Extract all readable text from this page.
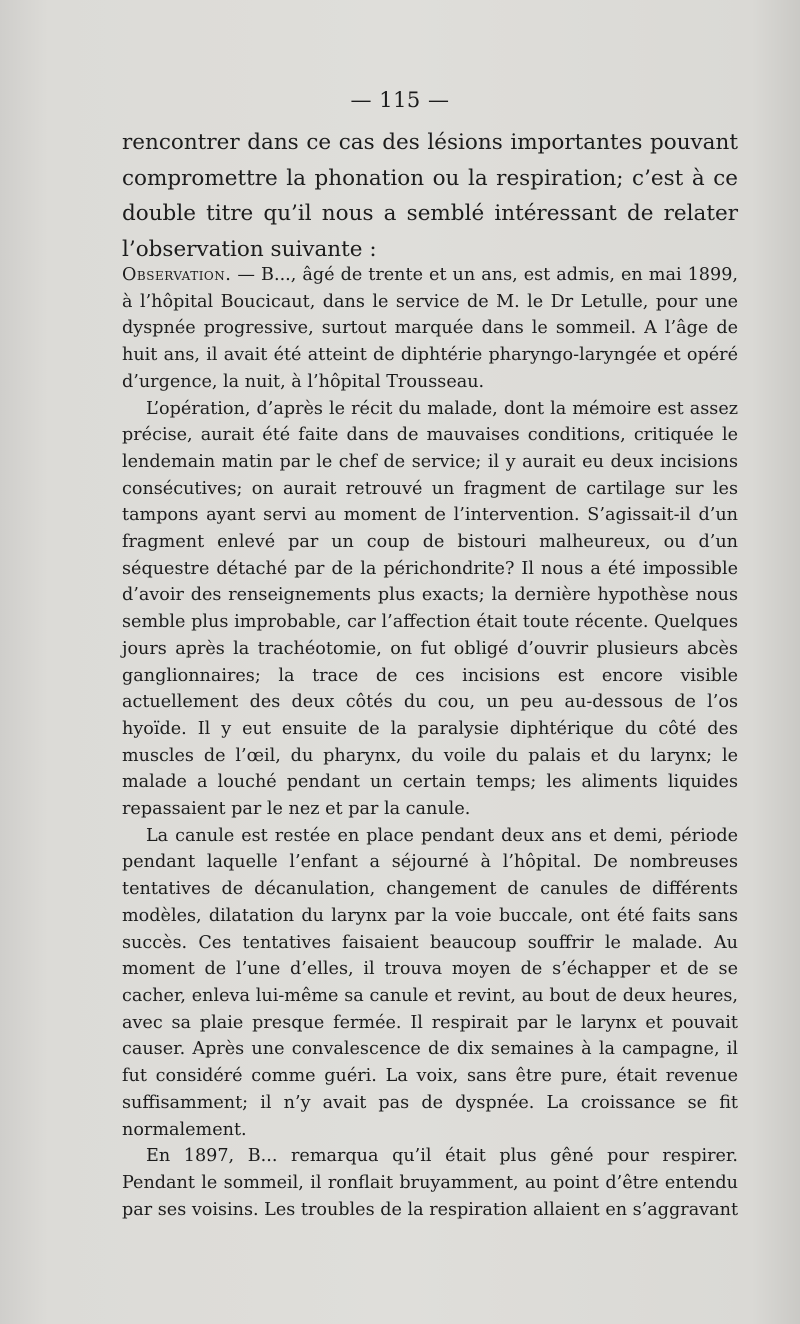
— 115 —
rencontrer dans ce cas des lésions importantes pouvant compromettre la phonation ou la respiration; c’est à ce double titre qu’il nous a semblé intéressant de relater l’observation suivante :

Observation. — B..., âgé de trente et un ans, est admis, en mai 1899, à l’hôpital Boucicaut, dans le service de M. le Dr Letulle, pour une dyspnée progressive, surtout marquée dans le sommeil. A l’âge de huit ans, il avait été atteint de diphtérie pharyngo-laryngée et opéré d’urgence, la nuit, à l’hôpital Trousseau.

L’opération, d’après le récit du malade, dont la mémoire est assez précise, aurait été faite dans de mauvaises conditions, critiquée le lendemain matin par le chef de service; il y aurait eu deux incisions consécutives; on aurait retrouvé un fragment de cartilage sur les tampons ayant servi au moment de l’intervention. S’agissait-il d’un fragment enlevé par un coup de bistouri malheureux, ou d’un séquestre détaché par de la périchondrite? Il nous a été impossible d’avoir des renseignements plus exacts; la dernière hypothèse nous semble plus improbable, car l’affection était toute récente. Quelques jours après la trachéotomie, on fut obligé d’ouvrir plusieurs abcès ganglionnaires; la trace de ces incisions est encore visible actuellement des deux côtés du cou, un peu au-dessous de l’os hyoïde. Il y eut ensuite de la paralysie diphtérique du côté des muscles de l’œil, du pharynx, du voile du palais et du larynx; le malade a louché pendant un certain temps; les aliments liquides repassaient par le nez et par la canule.

La canule est restée en place pendant deux ans et demi, période pendant laquelle l’enfant a séjourné à l’hôpital. De nombreuses tentatives de décanulation, changement de canules de différents modèles, dilatation du larynx par la voie buccale, ont été faits sans succès. Ces tentatives faisaient beaucoup souffrir le malade. Au moment de l’une d’elles, il trouva moyen de s’échapper et de se cacher, enleva lui-même sa canule et revint, au bout de deux heures, avec sa plaie presque fermée. Il respirait par le larynx et pouvait causer. Après une convalescence de dix semaines à la campagne, il fut considéré comme guéri. La voix, sans être pure, était revenue suffisamment; il n’y avait pas de dyspnée. La croissance se fit normalement.

En 1897, B... remarqua qu’il était plus gêné pour respirer. Pendant le sommeil, il ronflait bruyamment, au point d’être entendu par ses voisins. Les troubles de la respiration allaient en s’aggravant
